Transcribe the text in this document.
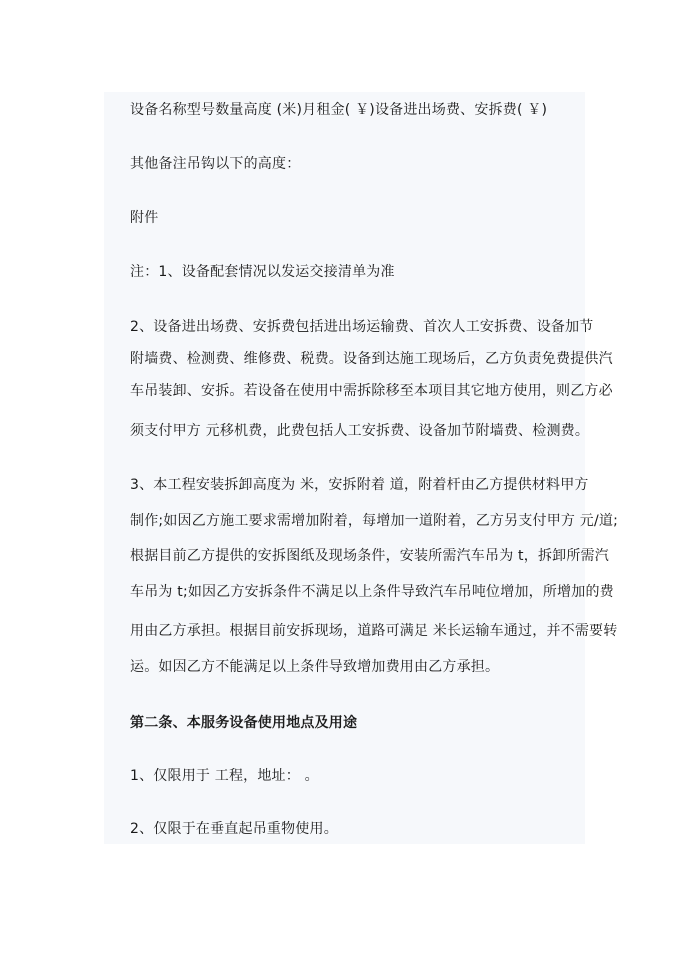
设备名称型号数量高度 (米)月租金( ￥)设备进出场费、安拆费( ￥)
其他备注吊钩以下的高度：
附件
注：1、设备配套情况以发运交接清单为准
2、设备进出场费、安拆费包括进出场运输费、首次人工安拆费、设备加节
附墙费、检测费、维修费、税费。设备到达施工现场后，乙方负责免费提供汽
车吊装卸、安拆。若设备在使用中需拆除移至本项目其它地方使用，则乙方必
须支付甲方 元移机费，此费包括人工安拆费、设备加节附墙费、检测费。
3、本工程安装拆卸高度为 米，安拆附着 道，附着杆由乙方提供材料甲方
制作;如因乙方施工要求需增加附着，每增加一道附着，乙方另支付甲方 元/道;
根据目前乙方提供的安拆图纸及现场条件，安装所需汽车吊为 t，拆卸所需汽
车吊为 t;如因乙方安拆条件不满足以上条件导致汽车吊吨位增加，所增加的费
用由乙方承担。根据目前安拆现场，道路可满足 米长运输车通过，并不需要转
运。如因乙方不能满足以上条件导致增加费用由乙方承担。
第二条、本服务设备使用地点及用途
1、仅限用于 工程，地址： 。
2、仅限于在垂直起吊重物使用。
